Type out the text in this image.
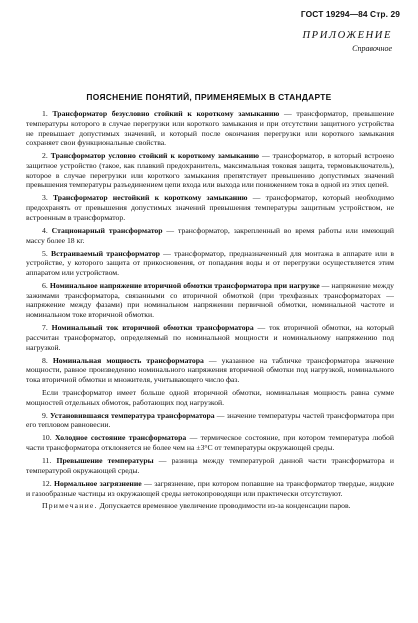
ГОСТ 19294—84 Стр. 29
ПРИЛОЖЕНИЕ
Справочное
ПОЯСНЕНИЕ ПОНЯТИЙ, ПРИМЕНЯЕМЫХ В СТАНДАРТЕ

1. Трансформатор безусловно стойкий к короткому замыканию — трансформатор, превышение температуры которого в случае перегрузки или короткого замыкания и при отсутствии защитного устройства не превышает допустимых значений, и который после окончания перегрузки или короткого замыкания сохраняет свои функциональные свойства.

2. Трансформатор условно стойкий к короткому замыканию — трансформатор, в который встроено защитное устройство (такое, как плавкий предохранитель, максимальная токовая защита, термовыключатель), которое в случае перегрузки или короткого замыкания препятствует превышению допустимых значений превышения температуры разъединением цепи входа или выхода или понижением тока в одной из этих цепей.

3. Трансформатор нестойкий к короткому замыканию — трансформатор, который необходимо предохранять от превышения допустимых значений превышения температуры защитным устройством, не встроенным в трансформатор.

4. Стационарный трансформатор — трансформатор, закрепленный во время работы или имеющий массу более 18 кг.

5. Встраиваемый трансформатор — трансформатор, предназначенный для монтажа в аппарате или в устройстве, у которого защита от прикосновения, от попадания воды и от перегрузки осуществляется этим аппаратом или устройством.

6. Номинальное напряжение вторичной обмотки трансформатора при нагрузке — напряжение между зажимами трансформатора, связанными со вторичной обмоткой (при трехфазных трансформаторах — напряжение между фазами) при номинальном напряжении первичной обмотки, номинальной частоте и номинальном токе вторичной обмотки.

7. Номинальный ток вторичной обмотки трансформатора — ток вторичной обмотки, на который рассчитан трансформатор, определяемый по номинальной мощности и номинальному напряжению под нагрузкой.

8. Номинальная мощность трансформатора — указанное на табличке трансформатора значение мощности, равное произведению номинального напряжения вторичной обмотки под нагрузкой, номинального тока вторичной обмотки и множителя, учитывающего число фаз.

Если трансформатор имеет больше одной вторичной обмотки, номинальная мощность равна сумме мощностей отдельных обмоток, работающих под нагрузкой.

9. Установившаяся температура трансформатора — значение температуры частей трансформатора при его тепловом равновесии.

10. Холодное состояние трансформатора — термическое состояние, при котором температура любой части трансформатора отклоняется не более чем на ±3°С от температуры окружающей среды.

11. Превышение температуры — разница между температурой данной части трансформатора и температурой окружающей среды.

12. Нормальное загрязнение — загрязнение, при котором попавшие на трансформатор твердые, жидкие и газообразные частицы из окружающей среды нетокопроводящи или практически отсутствуют.

Примечание. Допускается временное увеличение проводимости из-за конденсации паров.
